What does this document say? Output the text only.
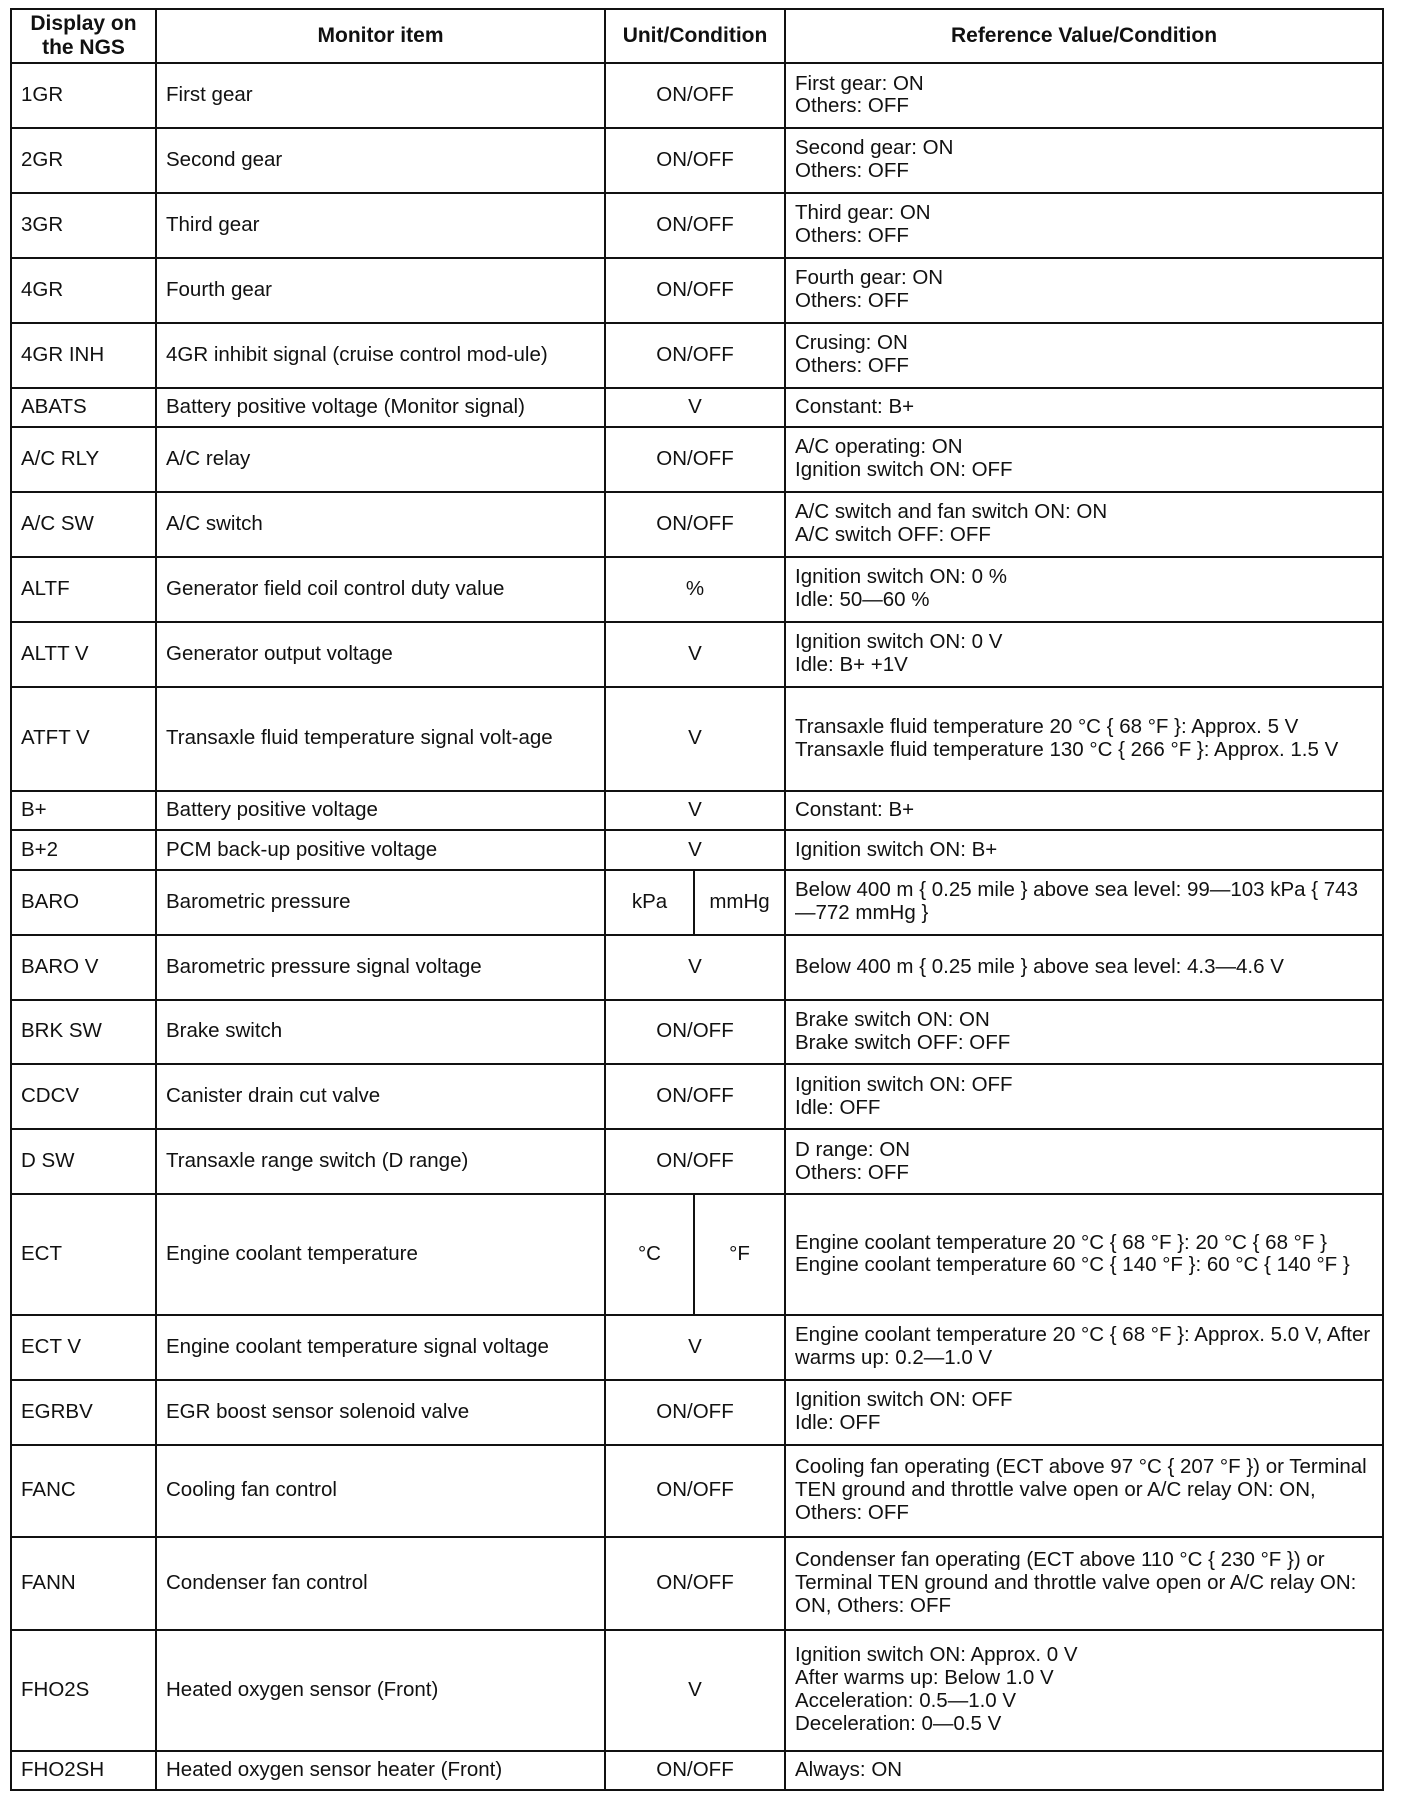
Display on
the NGS	Monitor item	Unit/Condition		Reference Value/Condition
1GR	First gear	ON/OFF		First gear: ON
Others: OFF

2GR	Second gear	ON/OFF		Second gear: ON
Others: OFF

3GR	Third gear	ON/OFF		Third gear: ON
Others: OFF

4GR	Fourth gear	ON/OFF		Fourth gear: ON
Others: OFF

4GR INH	4GR inhibit signal (cruise control mod-ule)	ON/OFF		Crusing: ON
Others: OFF

ABATS	Battery positive voltage (Monitor signal)	V		Constant: B+

A/C RLY	A/C relay	ON/OFF		A/C operating: ON
Ignition switch ON: OFF

A/C SW	A/C switch	ON/OFF		A/C switch and fan switch ON: ON
A/C switch OFF: OFF

ALTF	Generator field coil control duty value	%		Ignition switch ON: 0 %
Idle: 50—60 %

ALTT V	Generator output voltage	V		Ignition switch ON: 0 V
Idle: B+ +1V

ATFT V	Transaxle fluid temperature signal volt-age	V		Transaxle fluid temperature 20 °C { 68 °F }: Approx. 5 V
Transaxle fluid temperature 130 °C { 266 °F }: Approx. 1.5 V

B+	Battery positive voltage	V		Constant: B+

B+2	PCM back-up positive voltage	V		Ignition switch ON: B+

BARO	Barometric pressure	kPa	mmHg	Below 400 m { 0.25 mile } above sea level: 99—103 kPa { 743—772 mmHg }

BARO V	Barometric pressure signal voltage	V		Below 400 m { 0.25 mile } above sea level: 4.3—4.6 V

BRK SW	Brake switch	ON/OFF		Brake switch ON: ON
Brake switch OFF: OFF

CDCV	Canister drain cut valve	ON/OFF		Ignition switch ON: OFF
Idle: OFF

D SW	Transaxle range switch (D range)	ON/OFF		D range: ON
Others: OFF

ECT	Engine coolant temperature	°C	°F	Engine coolant temperature 20 °C { 68 °F }: 20 °C { 68 °F }
Engine coolant temperature 60 °C { 140 °F }: 60 °C { 140 °F }

ECT V	Engine coolant temperature signal voltage	V		Engine coolant temperature 20 °C { 68 °F }: Approx. 5.0 V, After warms up: 0.2—1.0 V

EGRBV	EGR boost sensor solenoid valve	ON/OFF		Ignition switch ON: OFF
Idle: OFF

FANC	Cooling fan control	ON/OFF		Cooling fan operating (ECT above 97 °C { 207 °F }) or Terminal TEN ground and throttle valve open or A/C relay ON: ON, Others: OFF

FANN	Condenser fan control	ON/OFF		Condenser fan operating (ECT above 110 °C { 230 °F }) or Terminal TEN ground and throttle valve open or A/C relay ON: ON, Others: OFF

FHO2S	Heated oxygen sensor (Front)	V		Ignition switch ON: Approx. 0 V
After warms up: Below 1.0 V
Acceleration: 0.5—1.0 V
Deceleration: 0—0.5 V

FHO2SH	Heated oxygen sensor heater (Front)	ON/OFF		Always: ON
